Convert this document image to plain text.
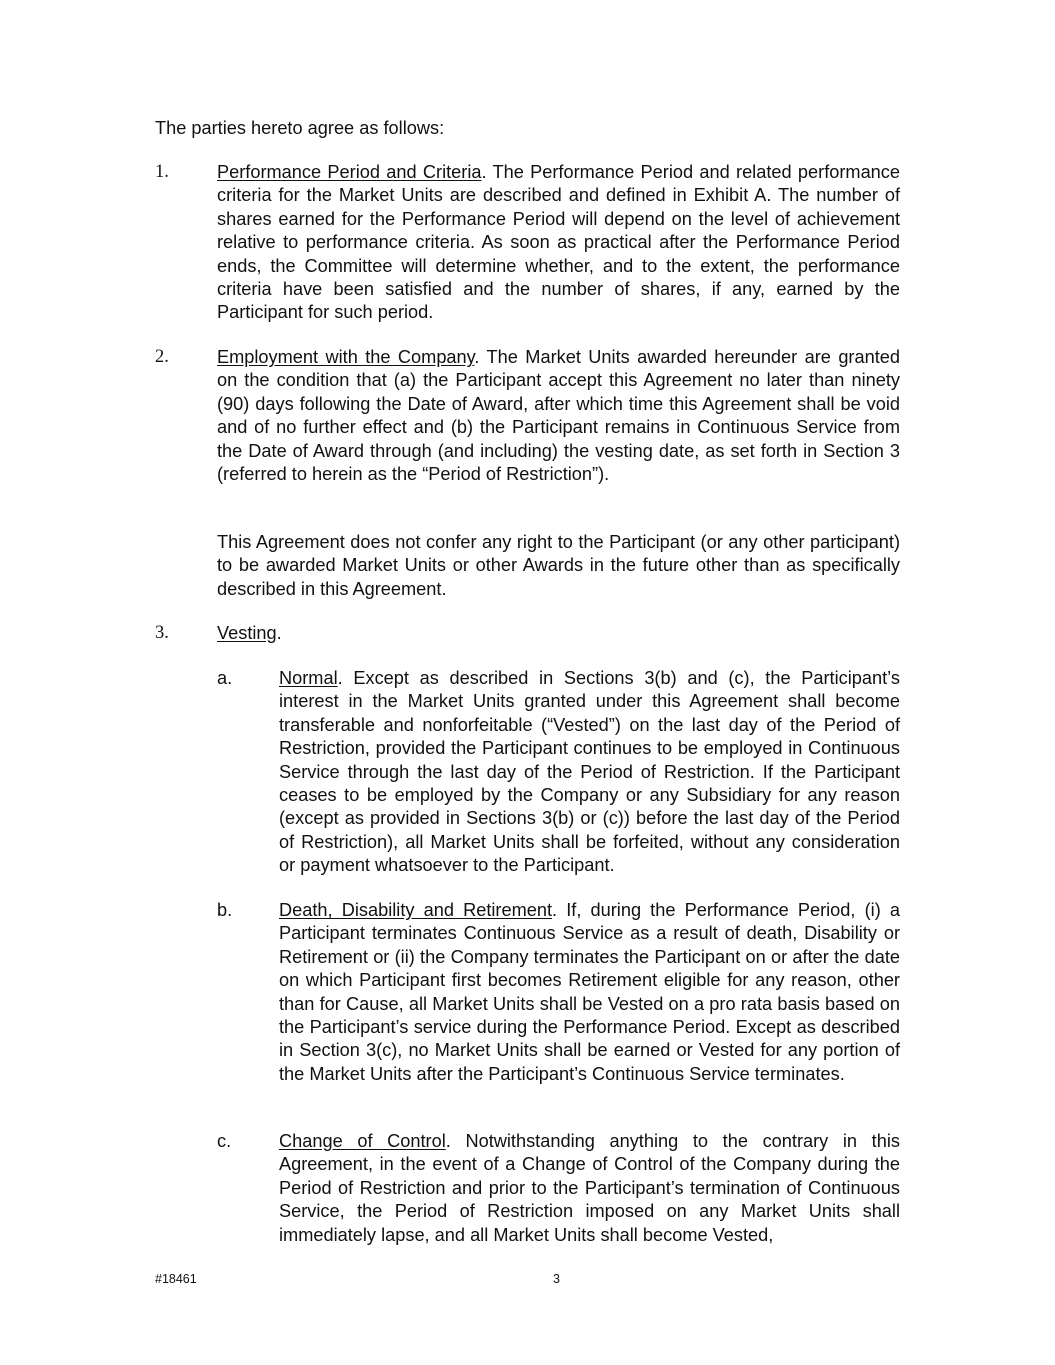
The parties hereto agree as follows:
1.	Performance Period and Criteria. The Performance Period and related performance criteria for the Market Units are described and defined in Exhibit A. The number of shares earned for the Performance Period will depend on the level of achievement relative to performance criteria. As soon as practical after the Performance Period ends, the Committee will determine whether, and to the extent, the performance criteria have been satisfied and the number of shares, if any, earned by the Participant for such period.
2.	Employment with the Company. The Market Units awarded hereunder are granted on the condition that (a) the Participant accept this Agreement no later than ninety (90) days following the Date of Award, after which time this Agreement shall be void and of no further effect and (b) the Participant remains in Continuous Service from the Date of Award through (and including) the vesting date, as set forth in Section 3 (referred to herein as the “Period of Restriction”).
This Agreement does not confer any right to the Participant (or any other participant) to be awarded Market Units or other Awards in the future other than as specifically described in this Agreement.
3.	Vesting.
a.	Normal. Except as described in Sections 3(b) and (c), the Participant’s interest in the Market Units granted under this Agreement shall become transferable and nonforfeitable (“Vested”) on the last day of the Period of Restriction, provided the Participant continues to be employed in Continuous Service through the last day of the Period of Restriction. If the Participant ceases to be employed by the Company or any Subsidiary for any reason (except as provided in Sections 3(b) or (c)) before the last day of the Period of Restriction), all Market Units shall be forfeited, without any consideration or payment whatsoever to the Participant.
b.	Death, Disability and Retirement. If, during the Performance Period, (i) a Participant terminates Continuous Service as a result of death, Disability or Retirement or (ii) the Company terminates the Participant on or after the date on which Participant first becomes Retirement eligible for any reason, other than for Cause, all Market Units shall be Vested on a pro rata basis based on the Participant’s service during the Performance Period. Except as described in Section 3(c), no Market Units shall be earned or Vested for any portion of the Market Units after the Participant’s Continuous Service terminates.
c.	Change of Control. Notwithstanding anything to the contrary in this Agreement, in the event of a Change of Control of the Company during the Period of Restriction and prior to the Participant’s termination of Continuous Service, the Period of Restriction imposed on any Market Units shall immediately lapse, and all Market Units shall become Vested,
#18461	3
